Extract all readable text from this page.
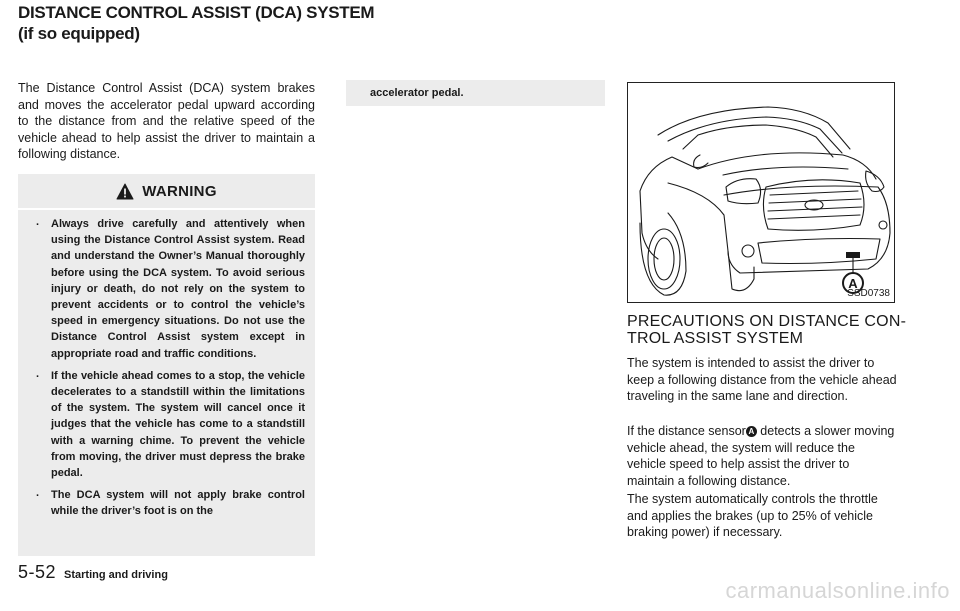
DISTANCE CONTROL ASSIST (DCA) SYSTEM
(if so equipped)

The Distance Control Assist (DCA) system brakes and moves the accelerator pedal upward according to the distance from and the relative speed of the vehicle ahead to help assist the driver to maintain a following distance.

WARNING
. Always drive carefully and attentively when using the Distance Control Assist system. Read and understand the Owner’s Manual thoroughly before using the DCA system. To avoid serious injury or death, do not rely on the system to prevent accidents or to control the vehicle’s speed in emergency situations. Do not use the Distance Control Assist system except in appropriate road and traffic conditions.
. If the vehicle ahead comes to a stop, the vehicle decelerates to a standstill within the limitations of the system. The system will cancel once it judges that the vehicle has come to a standstill with a warning chime. To prevent the vehicle from moving, the driver must depress the brake pedal.
. The DCA system will not apply brake control while the driver’s foot is on the
accelerator pedal.
A
SSD0738
PRECAUTIONS ON DISTANCE CON-
TROL ASSIST SYSTEM

The system is intended to assist the driver to keep a following distance from the vehicle ahead traveling in the same lane and direction.

If the distance sensor A detects a slower moving vehicle ahead, the system will reduce the vehicle speed to help assist the driver to maintain a following distance.

The system automatically controls the throttle and applies the brakes (up to 25% of vehicle braking power) if necessary.

5-52 Starting and driving
carmanualsonline.info
